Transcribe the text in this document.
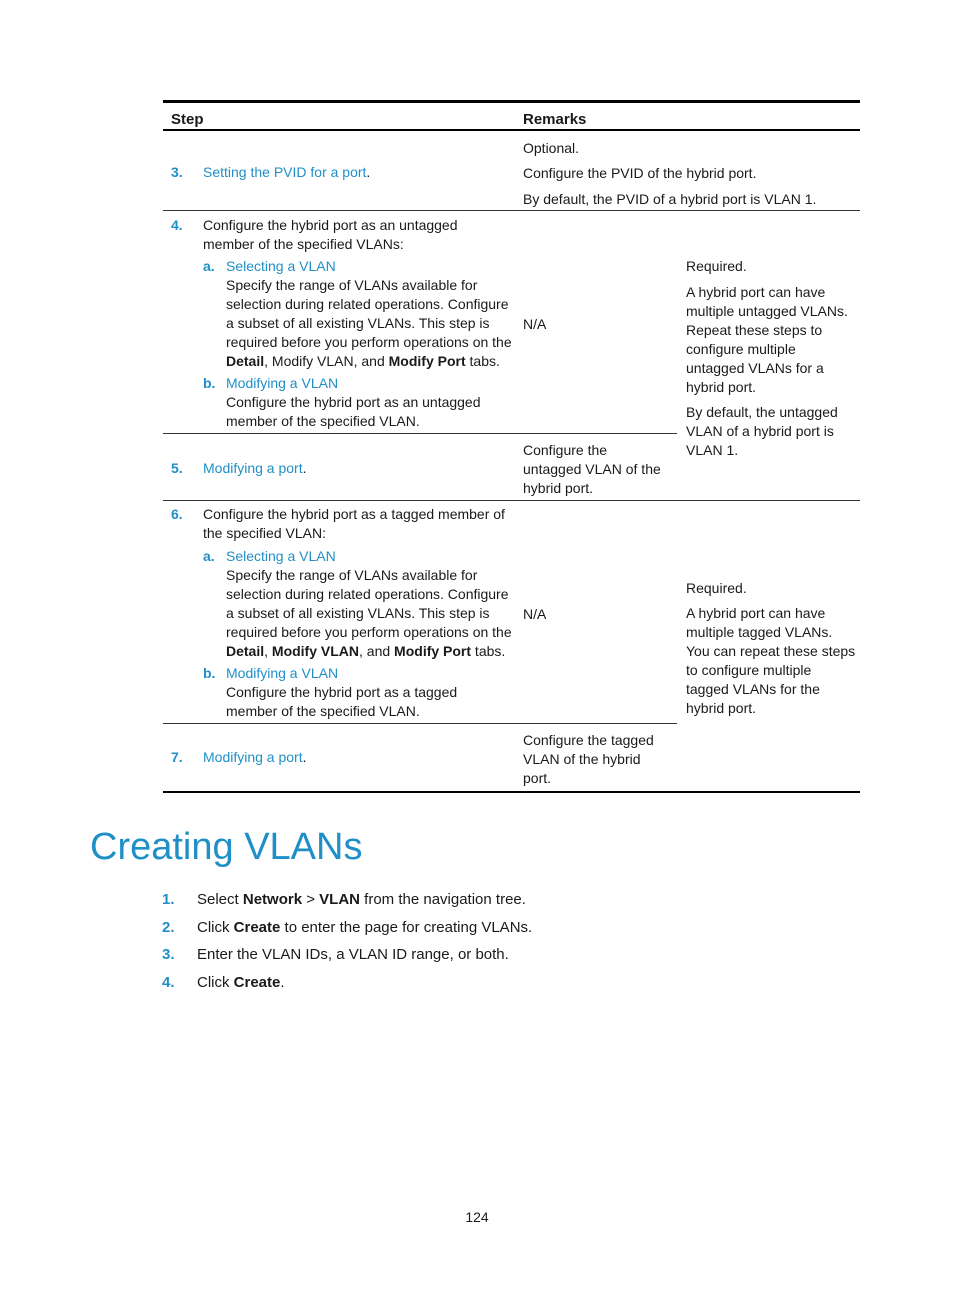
Step	Remarks
3. Setting the PVID for a port.
Optional.
Configure the PVID of the hybrid port.
By default, the PVID of a hybrid port is VLAN 1.
4. Configure the hybrid port as an untagged
member of the specified VLANs:
a. Selecting a VLAN
Specify the range of VLANs available for
selection during related operations. Configure
a subset of all existing VLANs. This step is
required before you perform operations on the
Detail, Modify VLAN, and Modify Port tabs.
b. Modifying a VLAN
Configure the hybrid port as an untagged
member of the specified VLAN.
N/A
Required.
A hybrid port can have
multiple untagged VLANs.
Repeat these steps to
configure multiple
untagged VLANs for a
hybrid port.
By default, the untagged
VLAN of a hybrid port is
VLAN 1.
5. Modifying a port.
Configure the
untagged VLAN of the
hybrid port.
6. Configure the hybrid port as a tagged member of
the specified VLAN:
a. Selecting a VLAN
Specify the range of VLANs available for
selection during related operations. Configure
a subset of all existing VLANs. This step is
required before you perform operations on the
Detail, Modify VLAN, and Modify Port tabs.
b. Modifying a VLAN
Configure the hybrid port as a tagged
member of the specified VLAN.
N/A
Required.
A hybrid port can have
multiple tagged VLANs.
You can repeat these steps
to configure multiple
tagged VLANs for the
hybrid port.
7. Modifying a port.
Configure the tagged
VLAN of the hybrid
port.
Creating VLANs
1. Select Network > VLAN from the navigation tree.
2. Click Create to enter the page for creating VLANs.
3. Enter the VLAN IDs, a VLAN ID range, or both.
4. Click Create.
124
